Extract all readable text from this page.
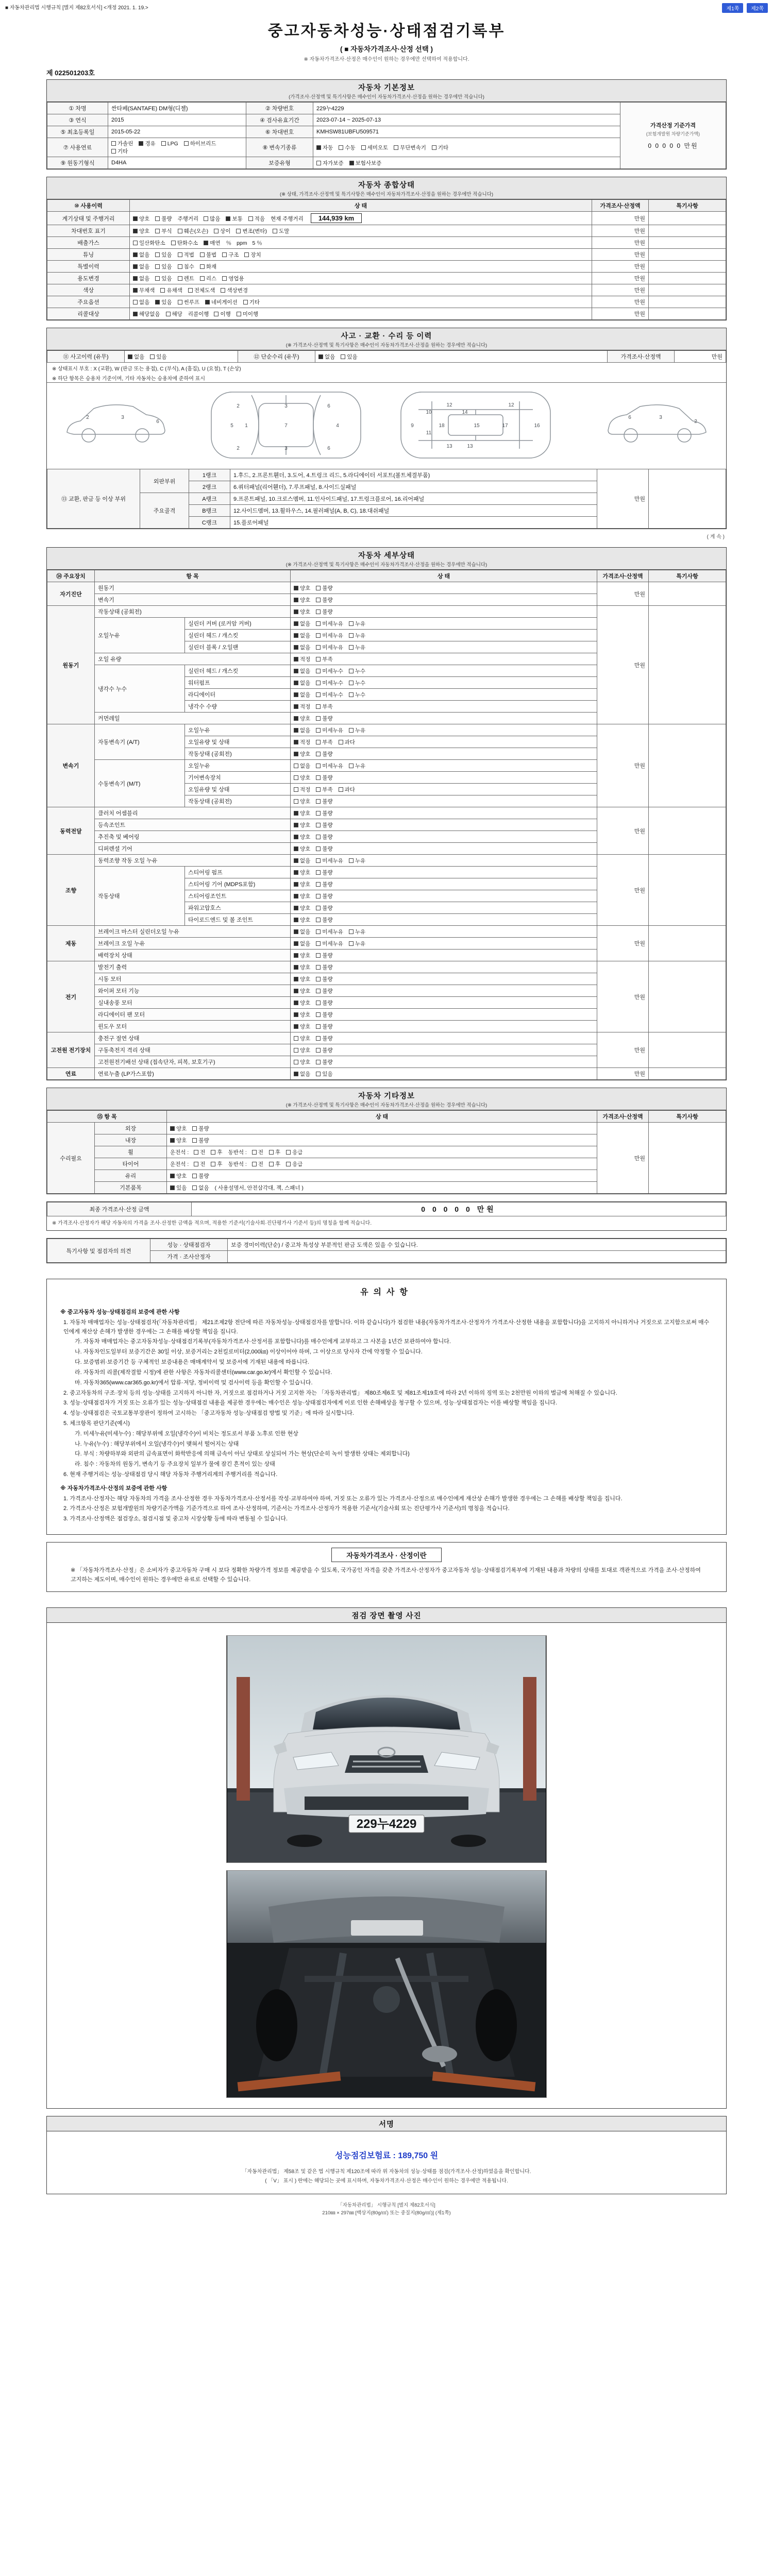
■ 자동차관리법 시행규칙 [별지 제82호서식] <개정 2021. 1. 19.>	제1쪽 제2쪽
중고자동차성능·상태점검기록부
( ■ 자동차가격조사·산정 선택 )
※ 자동차가격조사·산정은 매수인이 원하는 경우에만 선택하여 적용합니다.
제 022501203호
자동차 기본정보
(가격조사·산정액 및 특기사항은 매수인이 자동차가격조사·산정을 원하는 경우에만 적습니다)
① 차명	싼타페(SANTAFE) DM형(디젤)	② 차량번호	229누4229	가격산정 기준가격
(보험개발원 차량기준가액)
0 0 0 0 0 만원

③ 연식	2015	④ 검사유효기간	2023-07-14 ~ 2025-07-13	
⑤ 최초등록일	2015-05-22	⑥ 차대번호	KMHSW81UBFU509571	
⑦ 사용연료	가솔린 경유 LPG 하이브리드기타	⑧ 변속기종류	자동 수동 세미오토 무단변속기 기타	
⑨ 원동기형식	D4HA	보증유형	자가보증 보험사보증	
자동차 종합상태
(※ 상태, 가격조사·산정액 및 특기사항은 매수인이 자동차가격조사·산정을 원하는 경우에만 적습니다)
⑩ 사용이력	상 태	가격조사·산정액	특기사항
계기상태 및 주행거리	양호 불량 주행거리 많음 보통 적음 현재 주행거리 144,939 km	만원	
차대번호 표기	양호 부식 훼손(오손) 상이 변조(변타) 도말	만원	
배출가스	일산화탄소 탄화수소 매연 ％ ppm 5 ％	만원	
튜닝	없음 있음 적법 불법 구조 장치	만원	
특별이력	없음 있음 침수 화재	만원	
용도변경	없음 있음 렌트 리스 영업용	만원	
색상	무채색 유채색 전체도색 색상변경	만원	
주요옵션	없음 있음 썬루프 네비게이션 기타	만원	
리콜대상	해당없음 해당 리콜이행 이행 미이행	만원	
사고 · 교환 · 수리 등 이력
(※ 가격조사·산정액 및 특기사항은 매수인이 자동차가격조사·산정을 원하는 경우에만 적습니다)
⑪ 사고이력 (유무)	없음 있음	⑫ 단순수리 (유무)	없음 있음	가격조사·산정액	만원
※ 상태표시 부호 : X (교환), W (판금 또는 용접), C (부식), A (흠집), U (요철), T (손상)
※ 하단 항목은 승용차 기준이며, 기타 자동차는 승용차에 준하여 표시
5
2
2
1
3
3
7
6
6
4	9
10
11
12
13
14
15
12
17	16
13
18
2	3
6
6	3
2
⑬ 교환, 판금 등 이상 부위	외판부위	1랭크	1.후드, 2.프론트휀더, 3.도어, 4.트렁크 리드, 5.라디에이터 서포트(볼트체결부품)	만원	
		2랭크	6.쿼터패널(리어휀더), 7.루프패널, 8.사이드실패널		
	주요골격	A랭크	9.프론트패널, 10.크로스멤버, 11.인사이드패널, 17.트렁크플로어, 16.리어패널		
		B랭크	12.사이드멤버, 13.휠하우스, 14.필러패널(A, B, C), 18.대쉬패널		
		C랭크	15.플로어패널		
( 계 속 )
자동차 세부상태
(※ 가격조사·산정액 및 특기사항은 매수인이 자동차가격조사·산정을 원하는 경우에만 적습니다)
⑭ 주요장치	항 목		상 태	가격조사·산정액	특기사항
자기진단	원동기		양호 불량	만원	
	변속기		양호 불량		
원동기	작동상태 (공회전)		양호 불량	만원	
	오일누유	실린더 커버 (로커암 커버)	없음 미세누유 누유		
		실린더 헤드 / 개스킷	없음 미세누유 누유		
		실린더 블록 / 오일팬	없음 미세누유 누유		
	오일 유량		적정 부족		
	냉각수 누수	실린더 헤드 / 개스킷	없음 미세누수 누수		
		워터펌프	없음 미세누수 누수		
		라디에이터	없음 미세누수 누수		
		냉각수 수량	적정 부족		
	커먼레일		양호 불량		
변속기	자동변속기 (A/T)	오일누유	없음 미세누유 누유	만원	
		오일유량 및 상태	적정 부족 과다		
		작동상태 (공회전)	양호 불량		
	수동변속기 (M/T)	오일누유	없음 미세누유 누유		
		기어변속장치	양호 불량		
		오일유량 및 상태	적정 부족 과다		
		작동상태 (공회전)	양호 불량		
동력전달	클러치 어셈블리		양호 불량	만원	
	등속조인트		양호 불량		
	추진축 및 베어링		양호 불량		
	디퍼렌셜 기어		양호 불량		
조향	동력조향 작동 오일 누유		없음 미세누유 누유	만원	
	작동상태	스티어링 펌프	양호 불량		
		스티어링 기어 (MDPS포함)	양호 불량		
		스티어링조인트	양호 불량		
		파워고압호스	양호 불량		
		타이로드엔드 및 볼 조인트	양호 불량		
제동	브레이크 마스터 실린더오일 누유		없음 미세누유 누유	만원	
	브레이크 오일 누유		없음 미세누유 누유		
	배력장치 상태		양호 불량		
전기	발전기 출력		양호 불량	만원	
	시동 모터		양호 불량		
	와이퍼 모터 기능		양호 불량		
	실내송풍 모터		양호 불량		
	라디에이터 팬 모터		양호 불량		
	윈도우 모터		양호 불량		
고전원 전기장치	충전구 절연 상태		양호 불량	만원	
	구동축전지 격리 상태		양호 불량		
	고전원전기배선 상태 (접속단자, 피복, 보호기구)		양호 불량		
연료	연료누출 (LP가스포함)		없음 있음	만원	
자동차 기타정보
(※ 가격조사·산정액 및 특기사항은 매수인이 자동차가격조사·산정을 원하는 경우에만 적습니다)
⑮ 항 목		상 태	가격조사·산정액	특기사항
수리필요	외장	양호 불량	만원	
	내장	양호 불량		
	휠	운전석 : 전 후 동반석 : 전 후 응급		
	타이어	운전석 : 전 후 동반석 : 전 후 응급		
	유리	양호 불량		
	기본품목	있음 없음 ( 사용설명서, 안전삼각대, 잭, 스패너 )		
최종 가격조사·산정 금액	0 0 0 0 0 만원
※ 가격조사·산정자가 해당 자동차의 가격을 조사·산정한 금액을 적으며, 적용한 기준서(기술사회·진단평가사 기준서 등)의 명칭을 함께 적습니다.
특기사항 및 점검자의 의견	성능 · 상태점검자	보증 경미이력(단순) / 중고차 특성상 부분적인 판금 도색은 있을 수 있습니다.
	가격 · 조사산정자	
유의사항
※ 중고자동차 성능·상태점검의 보증에 관한 사항
1. 자동차 매매업자는 성능·상태점검자(「자동차관리법」 제21조제2항 전단에 따른 자동차성능·상태점검자를 말합니다. 이하 같습니다)가 점검한 내용(자동차가격조사·산정자가 가격조사·산정한 내용을 포함합니다)을 고지하지 아니하거나 거짓으로 고지함으로써 매수인에게 재산상 손해가 발생한 경우에는 그 손해를 배상할 책임을 집니다.
가. 자동차 매매업자는 중고자동차성능·상태점검기록부(자동차가격조사·산정서를 포함합니다)를 매수인에게 교부하고 그 사본을 1년간 보관하여야 합니다.
나. 자동차인도일부터 보증기간은 30일 이상, 보증거리는 2천킬로미터(2,000㎞) 이상이어야 하며, 그 이상으로 당사자 간에 약정할 수 있습니다.
다. 보증범위·보증기간 등 구체적인 보증내용은 매매계약서 및 보증서에 기재된 내용에 따릅니다.
라. 자동차의 리콜(제작결함 시정)에 관한 사항은 자동차리콜센터(www.car.go.kr)에서 확인할 수 있습니다.
마. 자동차365(www.car365.go.kr)에서 압류·저당, 정비이력 및 검사이력 등을 확인할 수 있습니다.
2. 중고자동차의 구조·장치 등의 성능·상태를 고지하지 아니한 자, 거짓으로 점검하거나 거짓 고지한 자는 「자동차관리법」 제80조제6호 및 제81조제19호에 따라 2년 이하의 징역 또는 2천만원 이하의 벌금에 처해질 수 있습니다.
3. 성능·상태점검자가 거짓 또는 오류가 있는 성능·상태점검 내용을 제공한 경우에는 매수인은 성능·상태점검자에게 이로 인한 손해배상을 청구할 수 있으며, 성능·상태점검자는 이를 배상할 책임을 집니다.
4. 성능·상태점검은 국토교통부장관이 정하여 고시하는 「중고자동차 성능·상태점검 방법 및 기준」에 따라 실시합니다.
5. 체크항목 판단기준(예시)
가. 미세누유(미세누수) : 해당부위에 오일(냉각수)이 비치는 정도로서 부품 노후로 인한 현상
나. 누유(누수) : 해당부위에서 오일(냉각수)이 맺혀서 떨어지는 상태
다. 부식 : 차량하부와 외판의 금속표면이 화학반응에 의해 금속이 아닌 상태로 상실되어 가는 현상(단순히 녹이 발생한 상태는 제외합니다)
라. 침수 : 자동차의 원동기, 변속기 등 주요장치 일부가 물에 잠긴 흔적이 있는 상태
6. 현재 주행거리는 성능·상태점검 당시 해당 자동차 주행거리계의 주행거리를 적습니다.
※ 자동차가격조사·산정의 보증에 관한 사항
1. 가격조사·산정자는 해당 자동차의 가격을 조사·산정한 경우 자동차가격조사·산정서를 작성·교부하여야 하며, 거짓 또는 오류가 있는 가격조사·산정으로 매수인에게 재산상 손해가 발생한 경우에는 그 손해를 배상할 책임을 집니다.
2. 가격조사·산정은 보험개발원의 차량기준가액을 기준가격으로 하여 조사·산정하며, 기준서는 가격조사·산정자가 적용한 기준서(기술사회 또는 진단평가사 기준서)의 명칭을 적습니다.
3. 가격조사·산정액은 점검장소, 점검시점 및 중고차 시장상황 등에 따라 변동될 수 있습니다.
자동차가격조사 · 산정이란
※ 「자동차가격조사·산정」은 소비자가 중고자동차 구매 시 보다 정확한 차량가격 정보를 제공받을 수 있도록, 국가공인 자격을 갖춘 가격조사·산정자가 중고자동차 성능·상태점검기록부에 기재된 내용과 차량의 상태를 토대로 객관적으로 가격을 조사·산정하여 고지하는 제도이며, 매수인이 원하는 경우에만 유료로 선택할 수 있습니다.
점검 장면 촬영 사진
229누4229
서명
성능점검보험료 : 189,750 원
「자동차관리법」 제58조 및 같은 법 시행규칙 제120조에 따라 위 자동차의 성능·상태를 점검(가격조사·산정)하였음을 확인합니다.
( 「V」 표시 ) 란에는 해당되는 곳에 표시하며, 자동차가격조사·산정은 매수인이 원하는 경우에만 적용됩니다.
「자동차관리법」 시행규칙 [별지 제82호서식]
210㎜ × 297㎜ [백상지(80g/㎡) 또는 중질지(80g/㎡)] (제1쪽)
